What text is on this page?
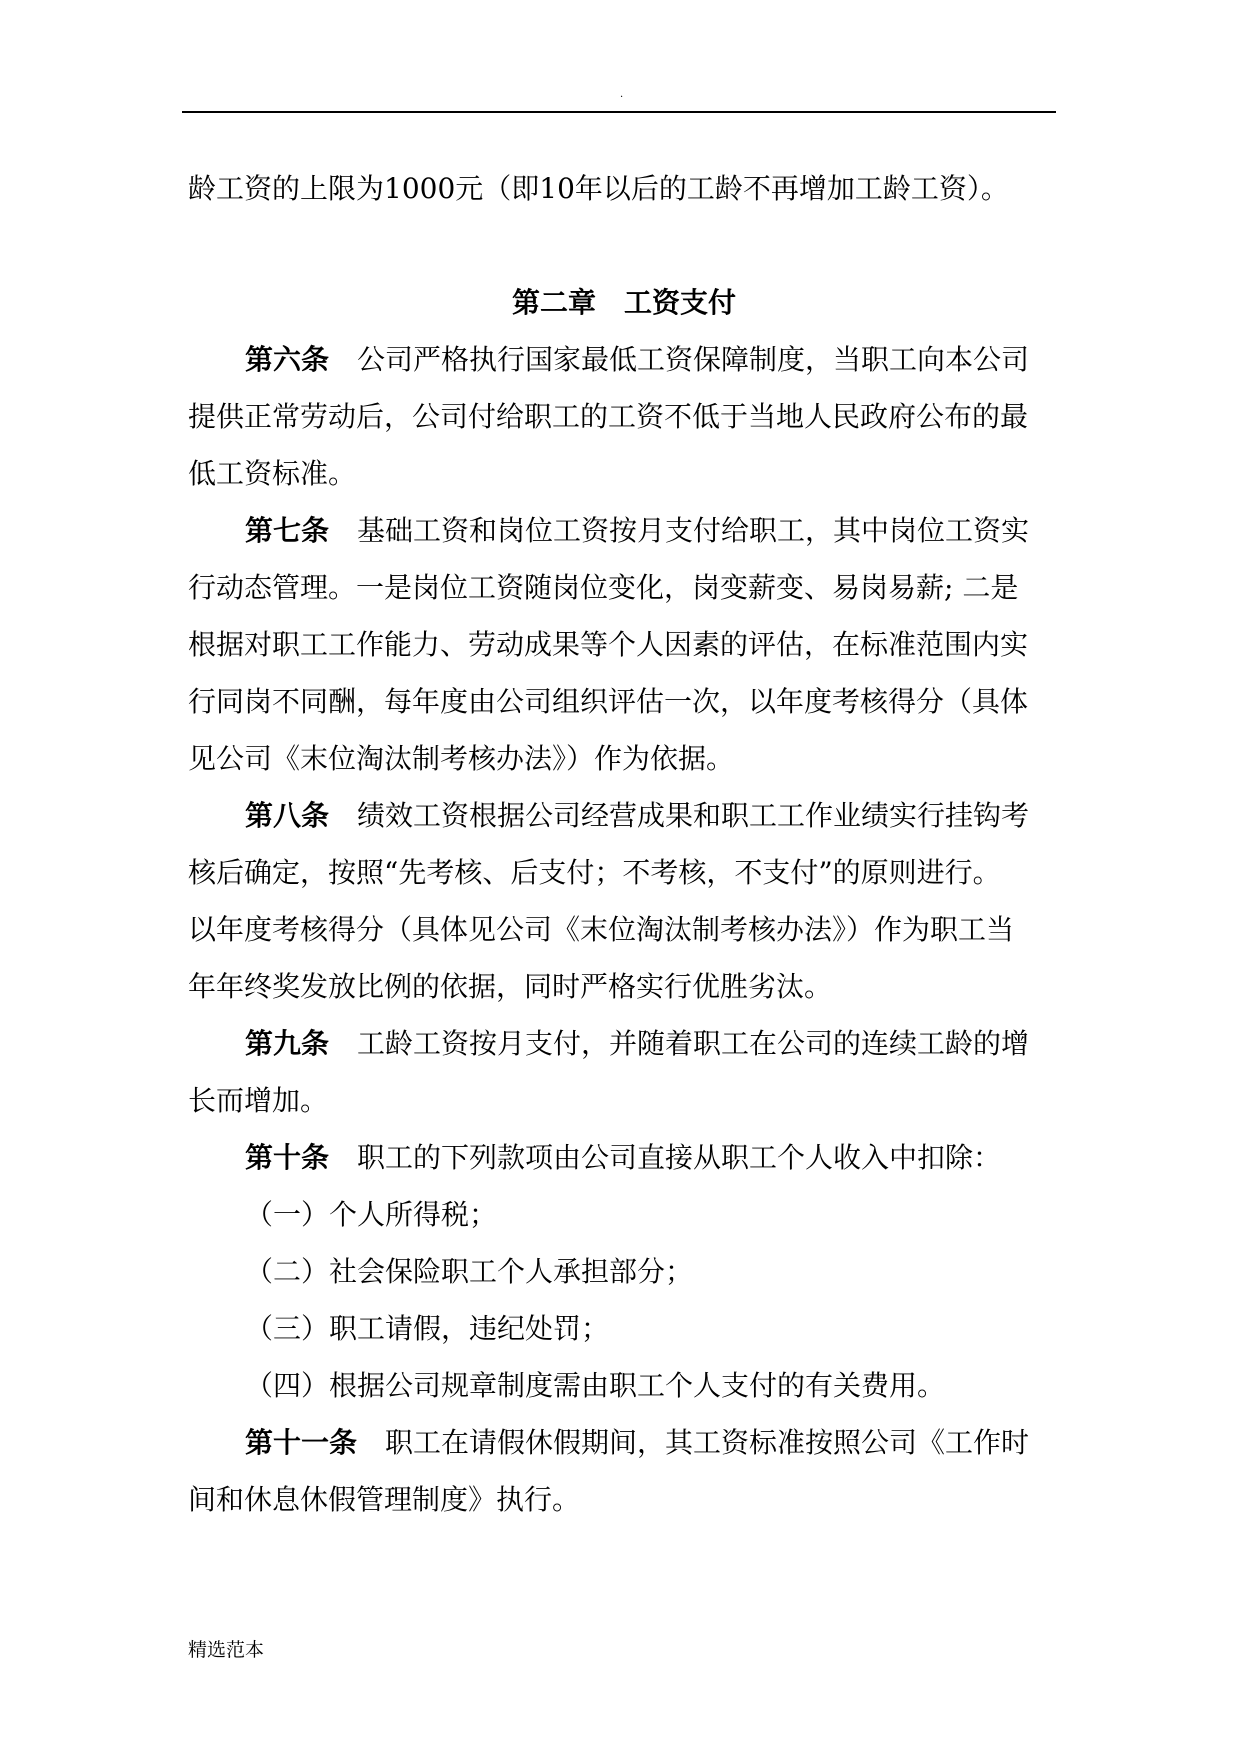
.
龄工资的上限为1000元（即10年以后的工龄不再增加工龄工资）。
第二章 工资支付
第六条 公司严格执行国家最低工资保障制度，当职工向本公司
提供正常劳动后，公司付给职工的工资不低于当地人民政府公布的最
低工资标准。
第七条 基础工资和岗位工资按月支付给职工，其中岗位工资实
行动态管理。一是岗位工资随岗位变化，岗变薪变、易岗易薪; 二是
根据对职工工作能力、劳动成果等个人因素的评估，在标准范围内实
行同岗不同酬，每年度由公司组织评估一次，以年度考核得分（具体
见公司《末位淘汰制考核办法》）作为依据。
第八条 绩效工资根据公司经营成果和职工工作业绩实行挂钩考
核后确定，按照“先考核、后支付；不考核，不支付”的原则进行。
以年度考核得分（具体见公司《末位淘汰制考核办法》）作为职工当
年年终奖发放比例的依据，同时严格实行优胜劣汰。
第九条 工龄工资按月支付，并随着职工在公司的连续工龄的增
长而增加。
第十条 职工的下列款项由公司直接从职工个人收入中扣除：
（一）个人所得税；
（二）社会保险职工个人承担部分；
（三）职工请假，违纪处罚；
（四）根据公司规章制度需由职工个人支付的有关费用。
第十一条 职工在请假休假期间，其工资标准按照公司《工作时
间和休息休假管理制度》执行。
精选范本
